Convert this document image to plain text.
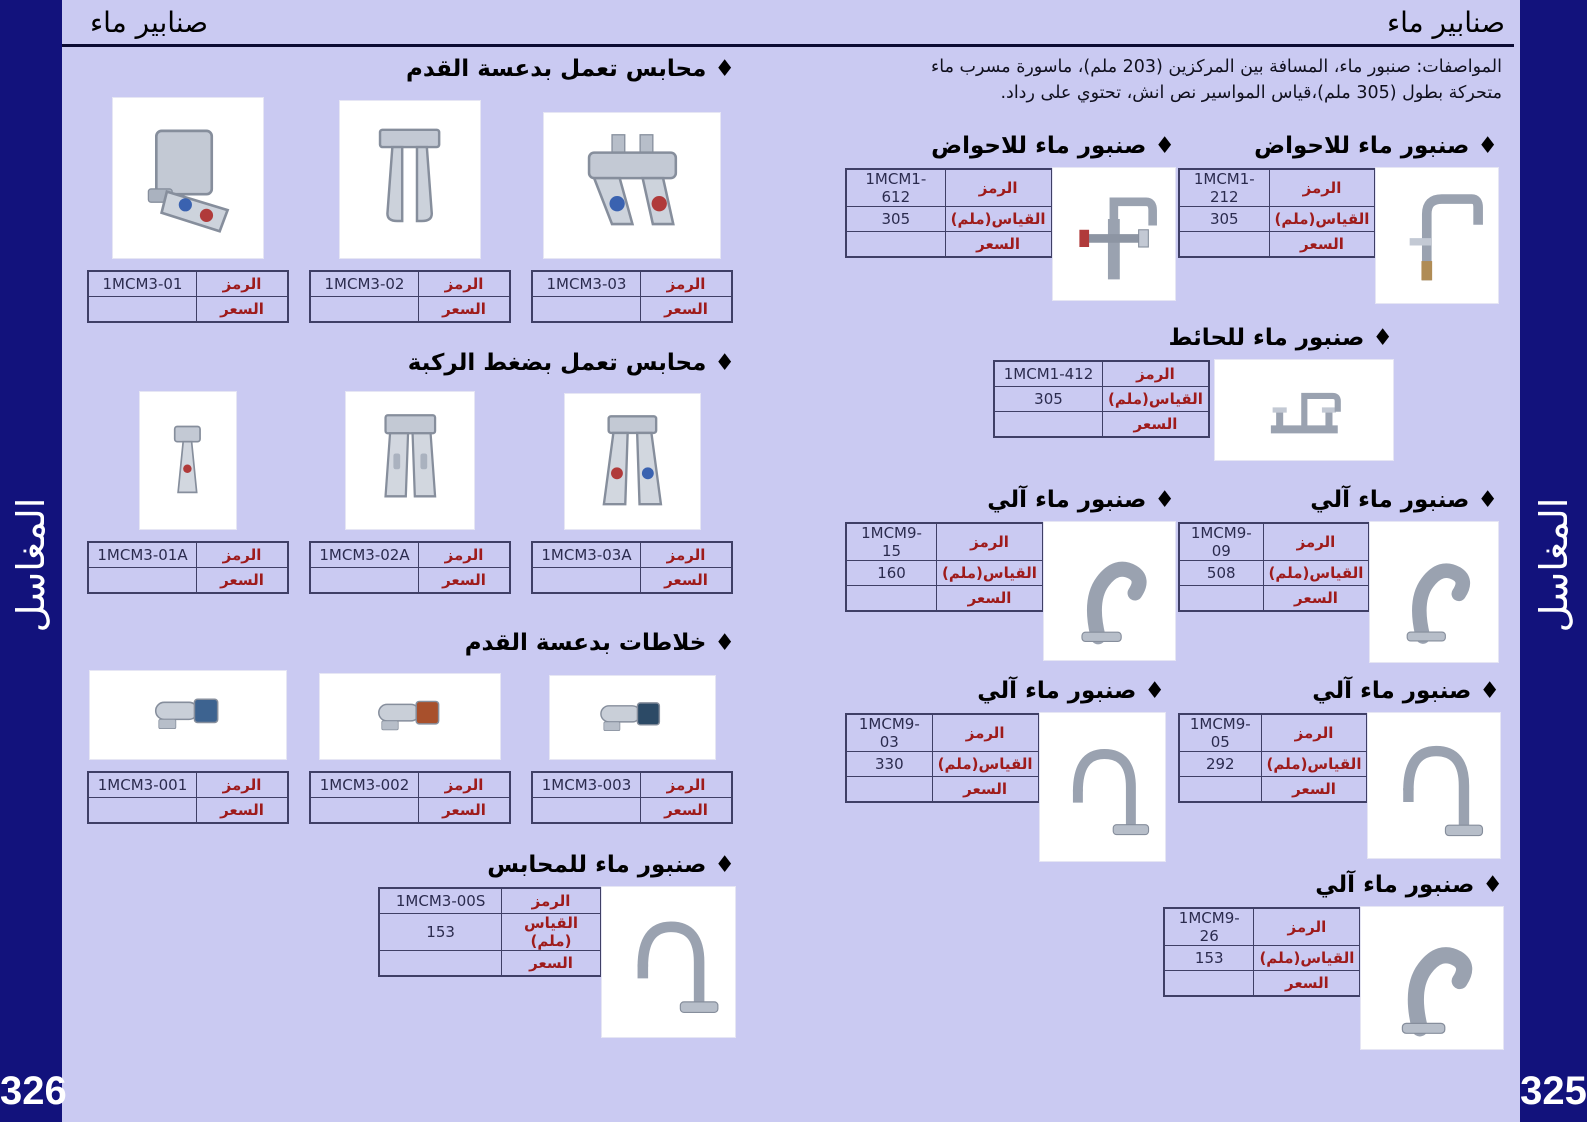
المغاسل
326
المغاسل
325
صنابير ماء	صنابير ماء
المواصفات: صنبور ماء، المسافة بين المركزين (203 ملم)، ماسورة مسرب ماء
متحركة بطول (305 ملم)،قياس المواسير نص انش، تحتوي على رداد.
♦ صنبور ماء للاحواض
1MCM1-612	الرمز
305	القياس(ملم)
	السعر
♦ صنبور ماء للاحواض
1MCM1-212	الرمز
305	القياس(ملم)
	السعر
♦ صنبور ماء للحائط
1MCM1-412	الرمز
305	القياس(ملم)
	السعر
♦ صنبور ماء آلي
1MCM9-15	الرمز
160	القياس(ملم)
	السعر
♦ صنبور ماء آلي
1MCM9-09	الرمز
508	القياس(ملم)
	السعر
♦ صنبور ماء آلي
1MCM9-03	الرمز
330	القياس(ملم)
	السعر
♦ صنبور ماء آلي
1MCM9-05	الرمز
292	القياس(ملم)
	السعر
♦ صنبور ماء آلي
1MCM9-26	الرمز
153	القياس(ملم)
	السعر
♦ محابس تعمل بدعسة القدم
1MCM3-01	الرمز
	السعر
1MCM3-02	الرمز
	السعر
1MCM3-03	الرمز
	السعر
♦ محابس تعمل بضغط الركبة
1MCM3-01A	الرمز
	السعر
1MCM3-02A	الرمز
	السعر
1MCM3-03A	الرمز
	السعر
♦ خلاطات بدعسة القدم
1MCM3-001	الرمز
	السعر
1MCM3-002	الرمز
	السعر
1MCM3-003	الرمز
	السعر
♦ صنبور ماء للمحابس
1MCM3-00S	الرمز
153	القياس (ملم)
	السعر
